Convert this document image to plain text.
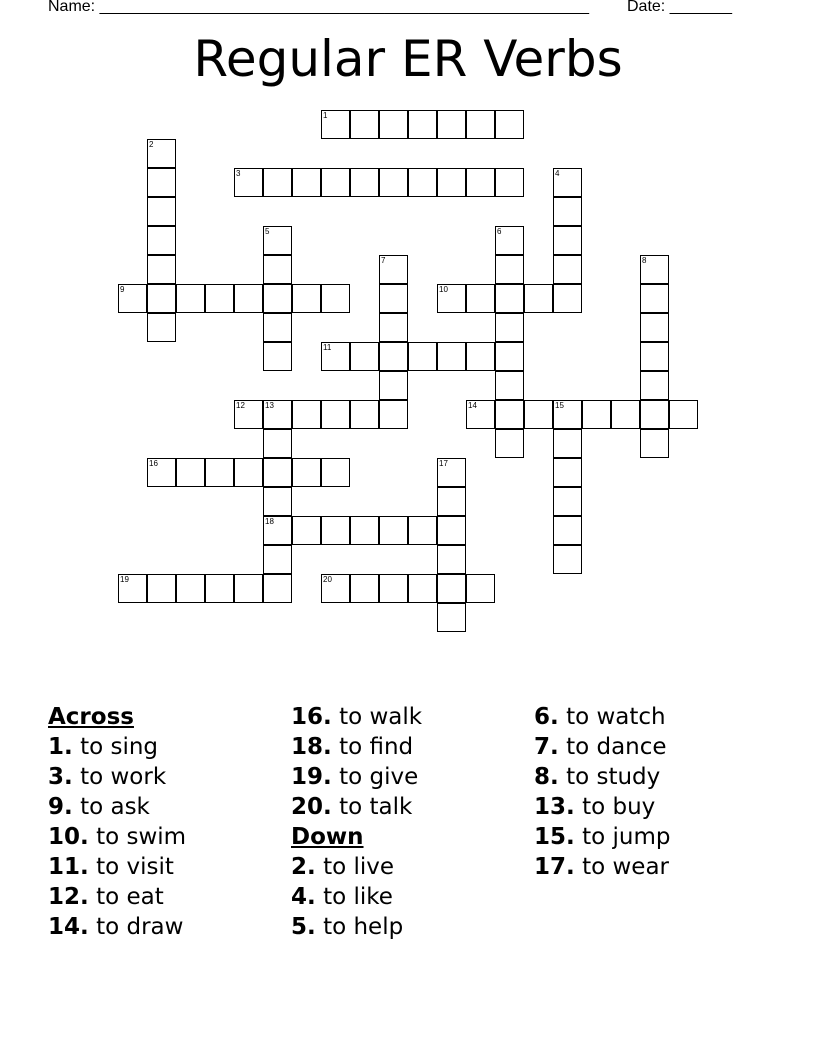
Name: _______________________________________________________ Date: _______
Regular ER Verbs
1
2
3	4
5	6
7	8
9	10
11
12	13
18
14	15
16	17
19	20
Across
1. to sing
3. to work
9. to ask
10. to swim
11. to visit
12. to eat
14. to draw
16. to walk
18. to find
19. to give
20. to talk
Down
2. to live
4. to like
5. to help
6. to watch
7. to dance
8. to study
13. to buy
15. to jump
17. to wear
